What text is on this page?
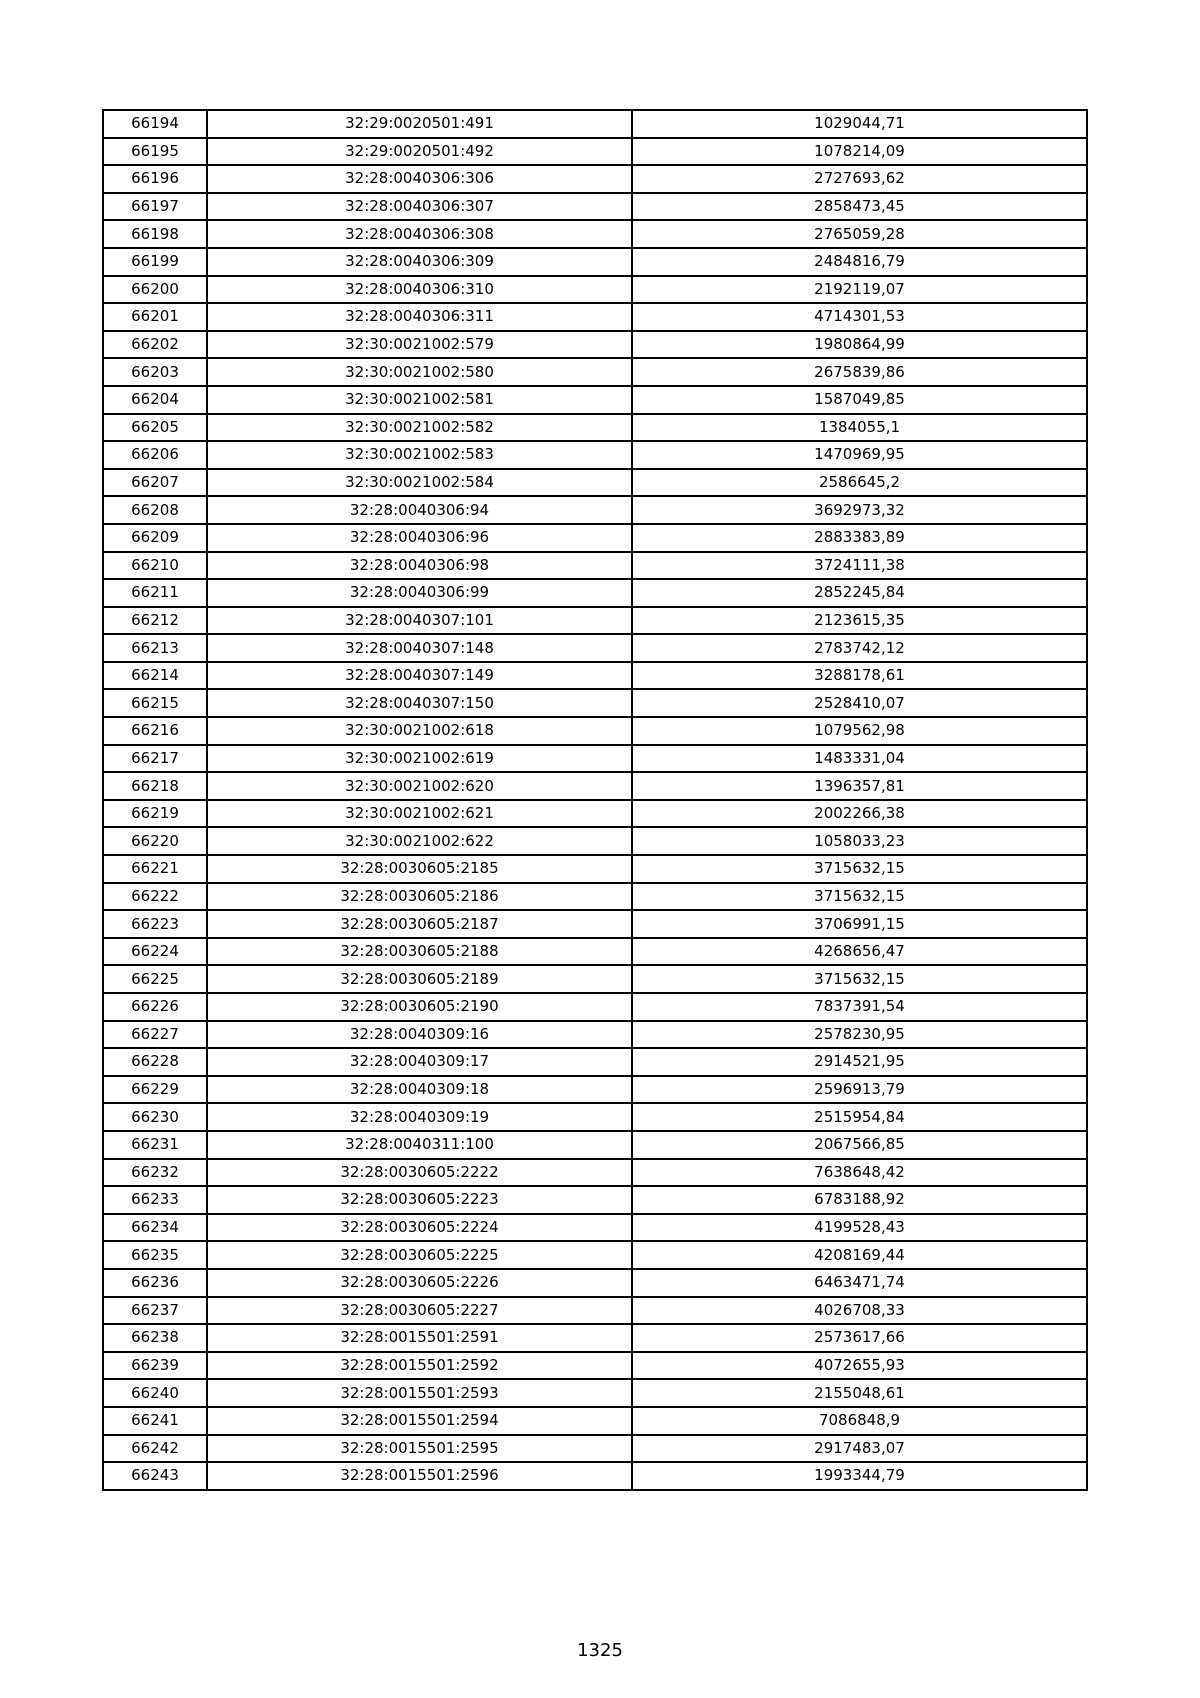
66194	32:29:0020501:491	1029044,71
66195	32:29:0020501:492	1078214,09
66196	32:28:0040306:306	2727693,62
66197	32:28:0040306:307	2858473,45
66198	32:28:0040306:308	2765059,28
66199	32:28:0040306:309	2484816,79
66200	32:28:0040306:310	2192119,07
66201	32:28:0040306:311	4714301,53
66202	32:30:0021002:579	1980864,99
66203	32:30:0021002:580	2675839,86
66204	32:30:0021002:581	1587049,85
66205	32:30:0021002:582	1384055,1
66206	32:30:0021002:583	1470969,95
66207	32:30:0021002:584	2586645,2
66208	32:28:0040306:94	3692973,32
66209	32:28:0040306:96	2883383,89
66210	32:28:0040306:98	3724111,38
66211	32:28:0040306:99	2852245,84
66212	32:28:0040307:101	2123615,35
66213	32:28:0040307:148	2783742,12
66214	32:28:0040307:149	3288178,61
66215	32:28:0040307:150	2528410,07
66216	32:30:0021002:618	1079562,98
66217	32:30:0021002:619	1483331,04
66218	32:30:0021002:620	1396357,81
66219	32:30:0021002:621	2002266,38
66220	32:30:0021002:622	1058033,23
66221	32:28:0030605:2185	3715632,15
66222	32:28:0030605:2186	3715632,15
66223	32:28:0030605:2187	3706991,15
66224	32:28:0030605:2188	4268656,47
66225	32:28:0030605:2189	3715632,15
66226	32:28:0030605:2190	7837391,54
66227	32:28:0040309:16	2578230,95
66228	32:28:0040309:17	2914521,95
66229	32:28:0040309:18	2596913,79
66230	32:28:0040309:19	2515954,84
66231	32:28:0040311:100	2067566,85
66232	32:28:0030605:2222	7638648,42
66233	32:28:0030605:2223	6783188,92
66234	32:28:0030605:2224	4199528,43
66235	32:28:0030605:2225	4208169,44
66236	32:28:0030605:2226	6463471,74
66237	32:28:0030605:2227	4026708,33
66238	32:28:0015501:2591	2573617,66
66239	32:28:0015501:2592	4072655,93
66240	32:28:0015501:2593	2155048,61
66241	32:28:0015501:2594	7086848,9
66242	32:28:0015501:2595	2917483,07
66243	32:28:0015501:2596	1993344,79
1325
